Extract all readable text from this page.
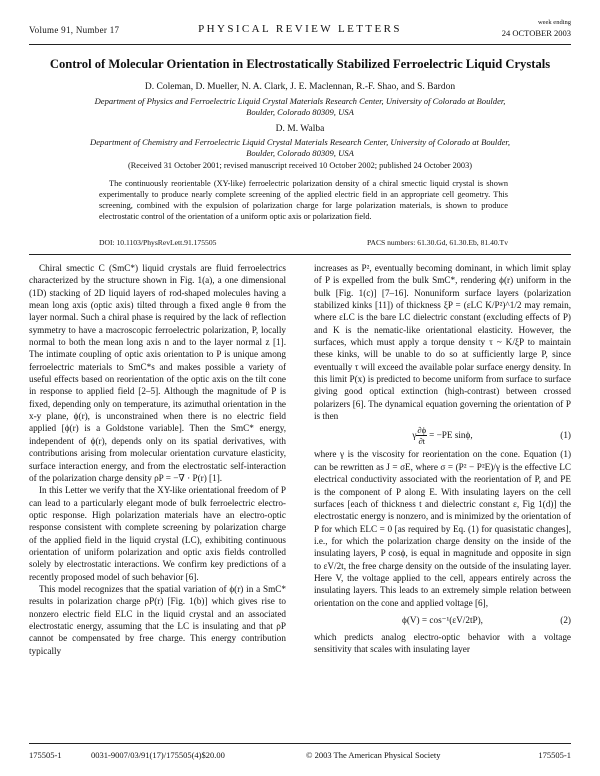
Volume 91, Number 17	PHYSICAL REVIEW LETTERS
week ending
24 OCTOBER 2003
Control of Molecular Orientation in Electrostatically Stabilized Ferroelectric Liquid Crystals
D. Coleman, D. Mueller, N. A. Clark, J. E. Maclennan, R.-F. Shao, and S. Bardon
Department of Physics and Ferroelectric Liquid Crystal Materials Research Center, University of Colorado at Boulder, Boulder, Colorado 80309, USA
D. M. Walba
Department of Chemistry and Ferroelectric Liquid Crystal Materials Research Center, University of Colorado at Boulder, Boulder, Colorado 80309, USA
(Received 31 October 2001; revised manuscript received 10 October 2002; published 24 October 2003)
The continuously reorientable (XY-like) ferroelectric polarization density of a chiral smectic liquid crystal is shown experimentally to produce nearly complete screening of the applied electric field in an appropriate cell geometry. This screening, combined with the expulsion of polarization charge for large polarization materials, is shown to produce electrostatic control of the orientation of a uniform optic axis or polarization field.
DOI: 10.1103/PhysRevLett.91.175505	PACS numbers: 61.30.Gd, 61.30.Eb, 81.40.Tv

Chiral smectic C (SmC*) liquid crystals are fluid ferroelectrics characterized by the structure shown in Fig. 1(a), a one dimensional (1D) stacking of 2D liquid layers of rod-shaped molecules having a mean long axis (optic axis) tilted through a fixed angle θ from the layer normal. Such a chiral phase is required by the lack of reflection symmetry to have a macroscopic ferroelectric polarization, P, locally normal to both the mean long axis n and to the layer normal z [1]. The intimate coupling of optic axis orientation to P is unique among ferroelectric materials to SmC*s and makes possible a variety of useful effects based on reorientation of the optic axis on the tilt cone in response to applied field [2–5]. Although the magnitude of P is fixed, depending only on temperature, its azimuthal orientation in the x-y plane, ϕ(r), is unconstrained when there is no electric field applied [ϕ(r) is a Goldstone variable]. Then the SmC* energy, independent of ϕ(r), depends only on its spatial derivatives, with contributions arising from molecular orientation curvature elasticity, surface interaction energy, and from the electrostatic self-interaction of the polarization charge density ρP = −∇ · P(r) [1].

In this Letter we verify that the XY-like orientational freedom of P can lead to a particularly elegant mode of bulk ferroelectric electro-optic response. High polarization materials have an electro-optic response consistent with complete screening by polarization charge of the applied field in the liquid crystal (LC), exhibiting continuous orientation of uniform polarization and optic axis fields controlled solely by electrostatic interactions. We confirm key predictions of a recently proposed model of such behavior [6].

This model recognizes that the spatial variation of ϕ(r) in a SmC* results in polarization charge ρP(r) [Fig. 1(b)] which gives rise to nonzero electric field ELC in the liquid crystal and an associated electrostatic energy, assuming that the LC is insulating and that ρP cannot be compensated by free charge. This energy contribution typically

increases as P², eventually becoming dominant, in which limit splay of P is expelled from the bulk SmC*, rendering ϕ(r) uniform in the bulk [Fig. 1(c)] [7–16]. Nonuniform surface layers (polarization stabilized kinks [11]) of thickness ξP = (εLC K/P²)^1/2 may remain, where εLC is the bare LC dielectric constant (excluding effects of P) and K is the nematic-like orientational elasticity. However, the surfaces, which must apply a torque density τ ~ K/ξP to maintain these kinks, will be unable to do so at sufficiently large P, since eventually τ will exceed the available polar surface energy density. In this limit P(x) is predicted to become uniform from surface to surface giving good optical extinction (high-contrast) between crossed polarizers [6]. The dynamical equation governing the orientation of P is then

γ $\frac{\partial\phi}{\partial t} = -PE$ sinϕ,	(1)

where γ is the viscosity for reorientation on the cone. Equation (1) can be rewritten as J = σE, where σ = (P² − P²E)/γ is the effective LC electrical conductivity associated with the reorientation of P, and PE is the component of P along E. With insulating layers on the cell surfaces [each of thickness t and dielectric constant ε, Fig 1(d)] the electrostatic energy is nonzero, and is minimized by the orientation of P for which ELC = 0 [as required by Eq. (1) for quasistatic changes], i.e., for which the polarization charge density on the inside of the insulating layers, P cosϕ, is equal in magnitude and opposite in sign to εV/2t, the free charge density on the outside of the insulating layer. Here V, the voltage applied to the cell, appears entirely across the insulating layers. This leads to an extremely simple relation between orientation on the cone and applied voltage [6],

ϕ(V) = cos⁻¹(εV/2tP),	(2)

which predicts analog electro-optic behavior with a voltage sensitivity that scales with insulating layer

175505-1	0031-9007/03/91(17)/175505(4)$20.00	© 2003 The American Physical Society	175505-1
